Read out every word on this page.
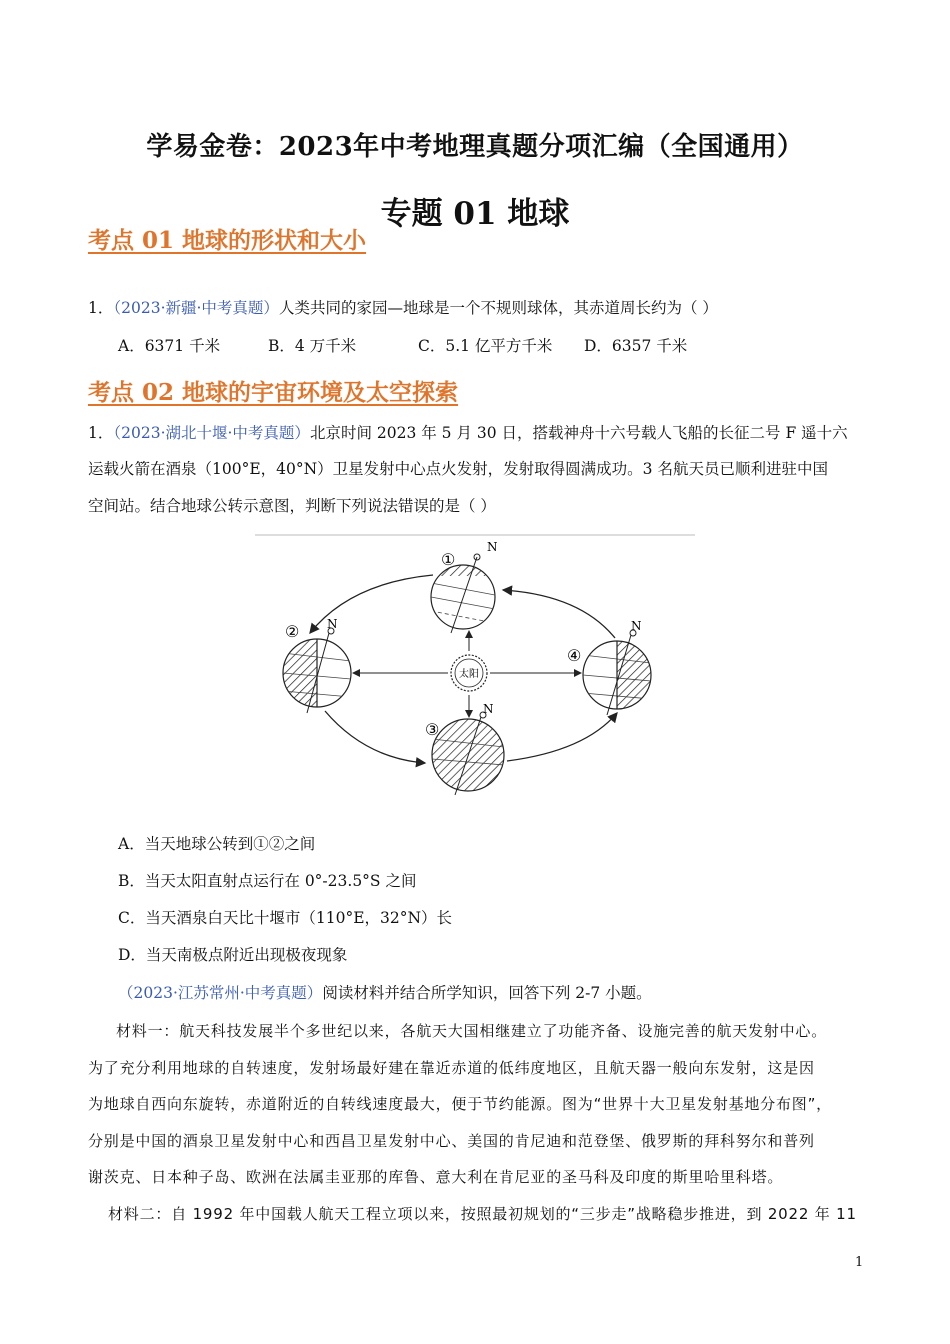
学易金卷：2023年中考地理真题分项汇编（全国通用）
专题 01 地球
考点 01 地球的形状和大小
1．（2023·新疆·中考真题）人类共同的家园—地球是一个不规则球体，其赤道周长约为（ ）
A．6371 千米	B．4 万千米	C．5.1 亿平方千米 D．6357 千米
考点 02 地球的宇宙环境及太空探索
1．（2023·湖北十堰·中考真题）北京时间 2023 年 5 月 30 日，搭载神舟十六号载人飞船的长征二号 F 遥十六
运载火箭在酒泉（100°E，40°N）卫星发射中心点火发射，发射取得圆满成功。3 名航天员已顺利进驻中国
空间站。结合地球公转示意图，判断下列说法错误的是（ ）
太阳
①
N
② N
③
N
④
N
A．当天地球公转到①②之间
B．当天太阳直射点运行在 0°-23.5°S 之间
C．当天酒泉白天比十堰市（110°E，32°N）长
D．当天南极点附近出现极夜现象
（2023·江苏常州·中考真题）阅读材料并结合所学知识，回答下列 2-7 小题。
材料一：航天科技发展半个多世纪以来，各航天大国相继建立了功能齐备、设施完善的航天发射中心。
为了充分利用地球的自转速度，发射场最好建在靠近赤道的低纬度地区，且航天器一般向东发射，这是因
为地球自西向东旋转，赤道附近的自转线速度最大，便于节约能源。图为“世界十大卫星发射基地分布图”，
分别是中国的酒泉卫星发射中心和西昌卫星发射中心、美国的肯尼迪和范登堡、俄罗斯的拜科努尔和普列
谢茨克、日本种子岛、欧洲在法属圭亚那的库鲁、意大利在肯尼亚的圣马科及印度的斯里哈里科塔。
材料二：自 1992 年中国载人航天工程立项以来，按照最初规划的“三步走”战略稳步推进，到 2022 年 11
1
